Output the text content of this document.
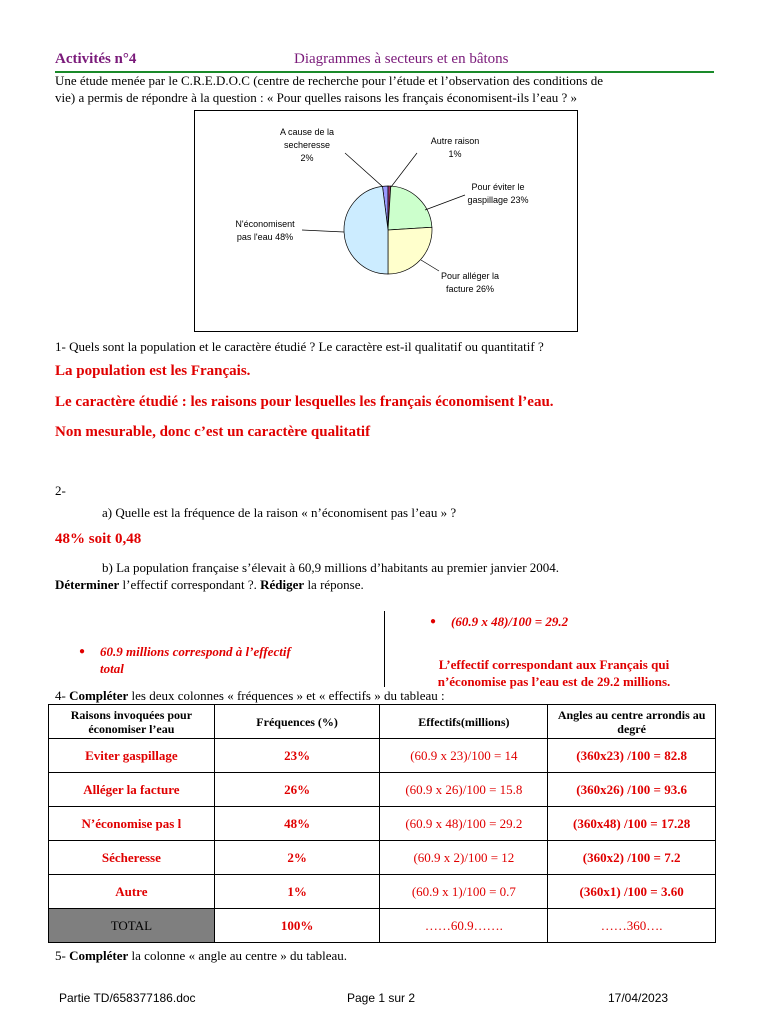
Activités n°4	Diagrammes à secteurs et en bâtons
Une étude menée par le C.R.E.D.O.C (centre de recherche pour l’étude et l’observation des conditions de
vie) a permis de répondre à la question : « Pour quelles raisons les français économisent-ils l’eau ? »
A cause de la secheresse 2%
Autre raison 1%
Pour éviter le gaspillage 23%
Pour alléger la facture 26%
N'économisent pas l'eau 48%
1- Quels sont la population et le caractère étudié ? Le caractère est-il qualitatif ou quantitatif ?
La population est les Français.
Le caractère étudié : les raisons pour lesquelles les français économisent l’eau.
Non mesurable, donc c’est un caractère qualitatif
2-
a) Quelle est la fréquence de la raison « n’économisent pas l’eau » ?
48% soit 0,48
b) La population française s’élevait à 60,9 millions d’habitants au premier janvier 2004.
Déterminer l’effectif correspondant ?. Rédiger la réponse.
● 60.9 millions correspond à l’effectif
total
● (60.9 x 48)/100 = 29.2
L’effectif correspondant aux Français qui
n’économise pas l’eau est de 29.2 millions.
4- Compléter les deux colonnes « fréquences » et « effectifs » du tableau :
Raisons invoquées pour économiser l’eau	Fréquences (%)	Effectifs(millions)	Angles au centre arrondis au degré
Eviter gaspillage	23%	(60.9 x 23)/100 = 14	(360x23) /100 = 82.8
Alléger la facture	26%	(60.9 x 26)/100 = 15.8	(360x26) /100 = 93.6
N’économise pas l	48%	(60.9 x 48)/100 = 29.2	(360x48) /100 = 17.28
Sécheresse	2%	(60.9 x 2)/100 = 12	(360x2) /100 = 7.2
Autre	1%	(60.9 x 1)/100 = 0.7	(360x1) /100 = 3.60
TOTAL	100%	……60.9…….	……360….
5- Compléter la colonne « angle au centre » du tableau.
Partie TD/658377186.doc	Page 1 sur 2	17/04/2023
